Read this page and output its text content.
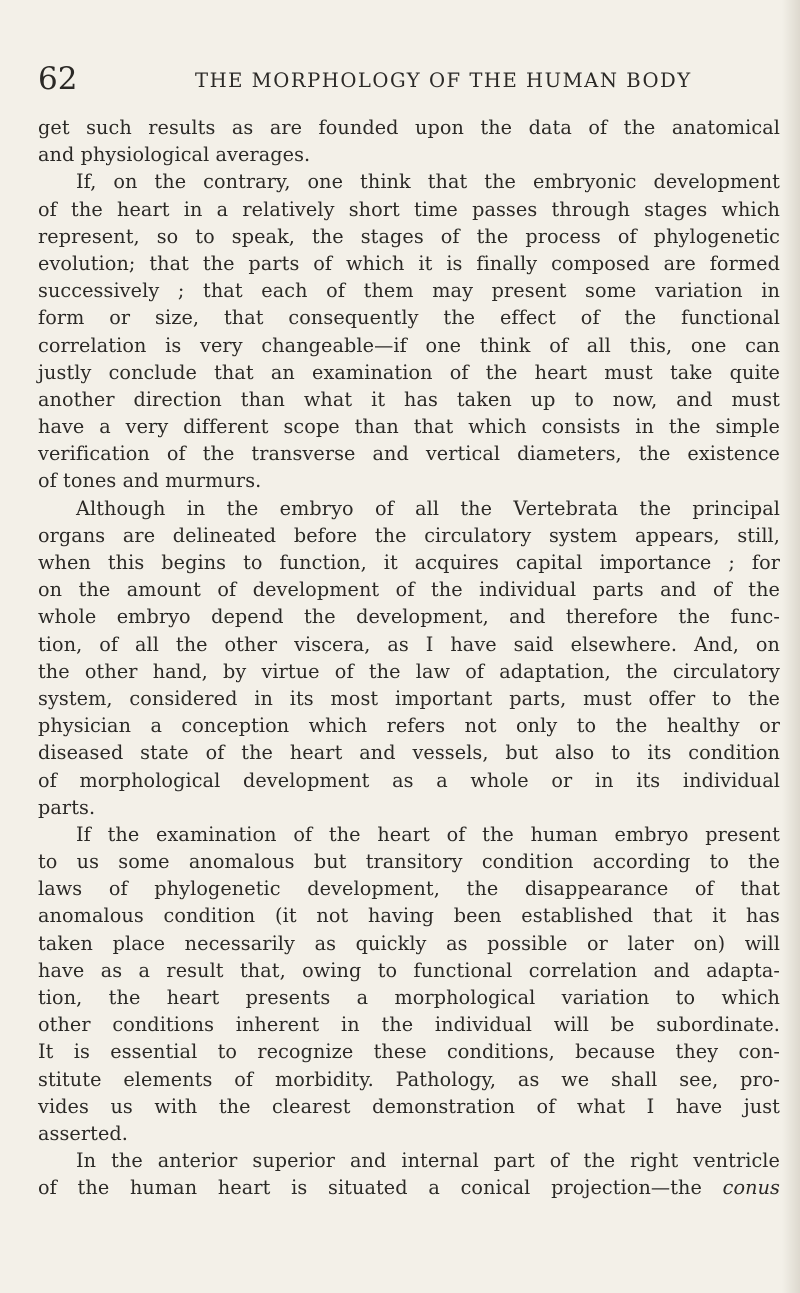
62	THE MORPHOLOGY OF THE HUMAN BODY
get such results as are founded upon the data of the anatomical
and physiological averages.
If, on the contrary, one think that the embryonic development
of the heart in a relatively short time passes through stages which
represent, so to speak, the stages of the process of phylogenetic
evolution; that the parts of which it is finally composed are formed
successively ; that each of them may present some variation in
form or size, that consequently the effect of the functional
correlation is very changeable—if one think of all this, one can
justly conclude that an examination of the heart must take quite
another direction than what it has taken up to now, and must
have a very different scope than that which consists in the simple
verification of the transverse and vertical diameters, the existence
of tones and murmurs.
Although in the embryo of all the Vertebrata the principal
organs are delineated before the circulatory system appears, still,
when this begins to function, it acquires capital importance ; for
on the amount of development of the individual parts and of the
whole embryo depend the development, and therefore the func-
tion, of all the other viscera, as I have said elsewhere. And, on
the other hand, by virtue of the law of adaptation, the circulatory
system, considered in its most important parts, must offer to the
physician a conception which refers not only to the healthy or
diseased state of the heart and vessels, but also to its condition
of morphological development as a whole or in its individual
parts.
If the examination of the heart of the human embryo present
to us some anomalous but transitory condition according to the
laws of phylogenetic development, the disappearance of that
anomalous condition (it not having been established that it has
taken place necessarily as quickly as possible or later on) will
have as a result that, owing to functional correlation and adapta-
tion, the heart presents a morphological variation to which
other conditions inherent in the individual will be subordinate.
It is essential to recognize these conditions, because they con-
stitute elements of morbidity. Pathology, as we shall see, pro-
vides us with the clearest demonstration of what I have just
asserted.
In the anterior superior and internal part of the right ventricle
of the human heart is situated a conical projection—the conus
